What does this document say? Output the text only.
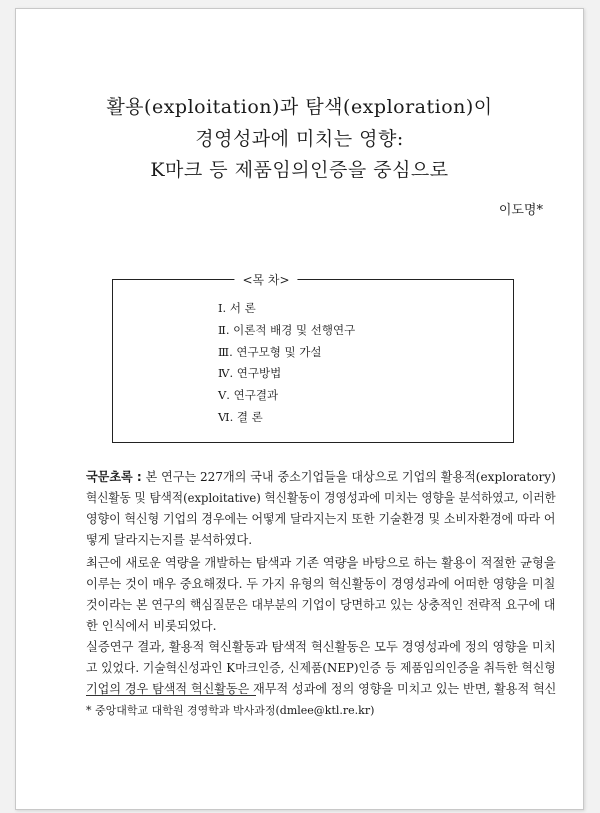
활용(exploitation)과 탐색(exploration)이
경영성과에 미치는 영향:
K마크 등 제품임의인증을 중심으로
이도명*
<목 차>
Ⅰ. 서 론
Ⅱ. 이론적 배경 및 선행연구
Ⅲ. 연구모형 및 가설
Ⅳ. 연구방법
Ⅴ. 연구결과
Ⅵ. 결 론
국문초록 : 본 연구는 227개의 국내 중소기업들을 대상으로 기업의 활용적(exploratory)
혁신활동 및 탐색적(exploitative) 혁신활동이 경영성과에 미치는 영향을 분석하였고, 이러한
영향이 혁신형 기업의 경우에는 어떻게 달라지는지 또한 기술환경 및 소비자환경에 따라 어
떻게 달라지는지를 분석하였다.
최근에 새로운 역량을 개발하는 탐색과 기존 역량을 바탕으로 하는 활용이 적절한 균형을
이루는 것이 매우 중요해졌다. 두 가지 유형의 혁신활동이 경영성과에 어떠한 영향을 미칠
것이라는 본 연구의 핵심질문은 대부분의 기업이 당면하고 있는 상충적인 전략적 요구에 대
한 인식에서 비롯되었다.
실증연구 결과, 활용적 혁신활동과 탐색적 혁신활동은 모두 경영성과에 정의 영향을 미치
고 있었다. 기술혁신성과인 K마크인증, 신제품(NEP)인증 등 제품임의인증을 취득한 혁신형
기업의 경우 탐색적 혁신활동은 재무적 성과에 정의 영향을 미치고 있는 반면, 활용적 혁신
* 중앙대학교 대학원 경영학과 박사과정(dmlee@ktl.re.kr)
